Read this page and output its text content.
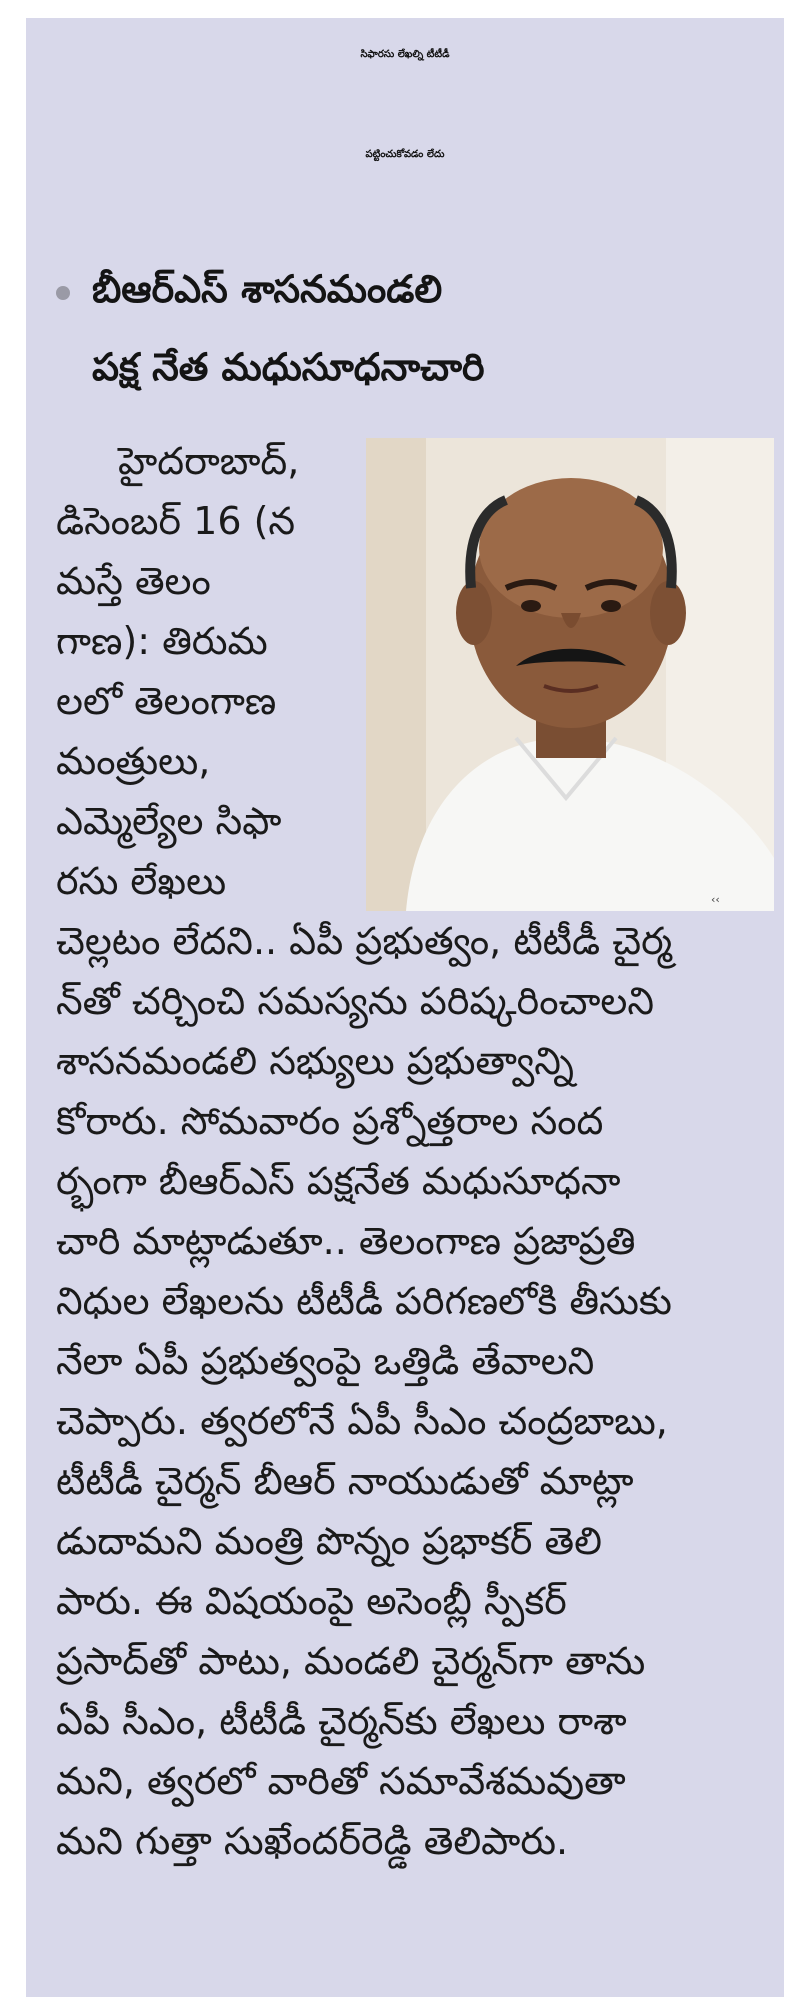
సిఫారసు లేఖల్ని టీటీడీ
పట్టించుకోవడం లేదు
బీఆర్‌ఎస్ శాసనమండలి
పక్ష నేత మధుసూధనాచారి
‹‹
హైదరాబాద్,
డిసెంబర్ 16 (న
మస్తే తెలం
గాణ): తిరుమ
లలో తెలంగాణ
మంత్రులు,
ఎమ్మెల్యేల సిఫా
రసు లేఖలు
చెల్లటం లేదని.. ఏపీ ప్రభుత్వం, టీటీడీ చైర్మ
న్‌తో చర్చించి సమస్యను పరిష్కరించాలని
శాసనమండలి సభ్యులు ప్రభుత్వాన్ని
కోరారు. సోమవారం ప్రశ్నోత్తరాల సంద
ర్భంగా బీఆర్‌ఎస్ పక్షనేత మధుసూధనా
చారి మాట్లాడుతూ.. తెలంగాణ ప్రజాప్రతి
నిధుల లేఖలను టీటీడీ పరిగణలోకి తీసుకు
నేలా ఏపీ ప్రభుత్వంపై ఒత్తిడి తేవాలని
చెప్పారు. త్వరలోనే ఏపీ సీఎం చంద్రబాబు,
టీటీడీ చైర్మన్ బీఆర్ నాయుడుతో మాట్లా
డుదామని మంత్రి పొన్నం ప్రభాకర్ తెలి
పారు. ఈ విషయంపై అసెంబ్లీ స్పీకర్
ప్రసాద్‌తో పాటు, మండలి చైర్మన్‌గా తాను
ఏపీ సీఎం, టీటీడీ చైర్మన్‌కు లేఖలు రాశా
మని, త్వరలో వారితో సమావేశమవుతా
మని గుత్తా సుఖేందర్‌రెడ్డి తెలిపారు.
